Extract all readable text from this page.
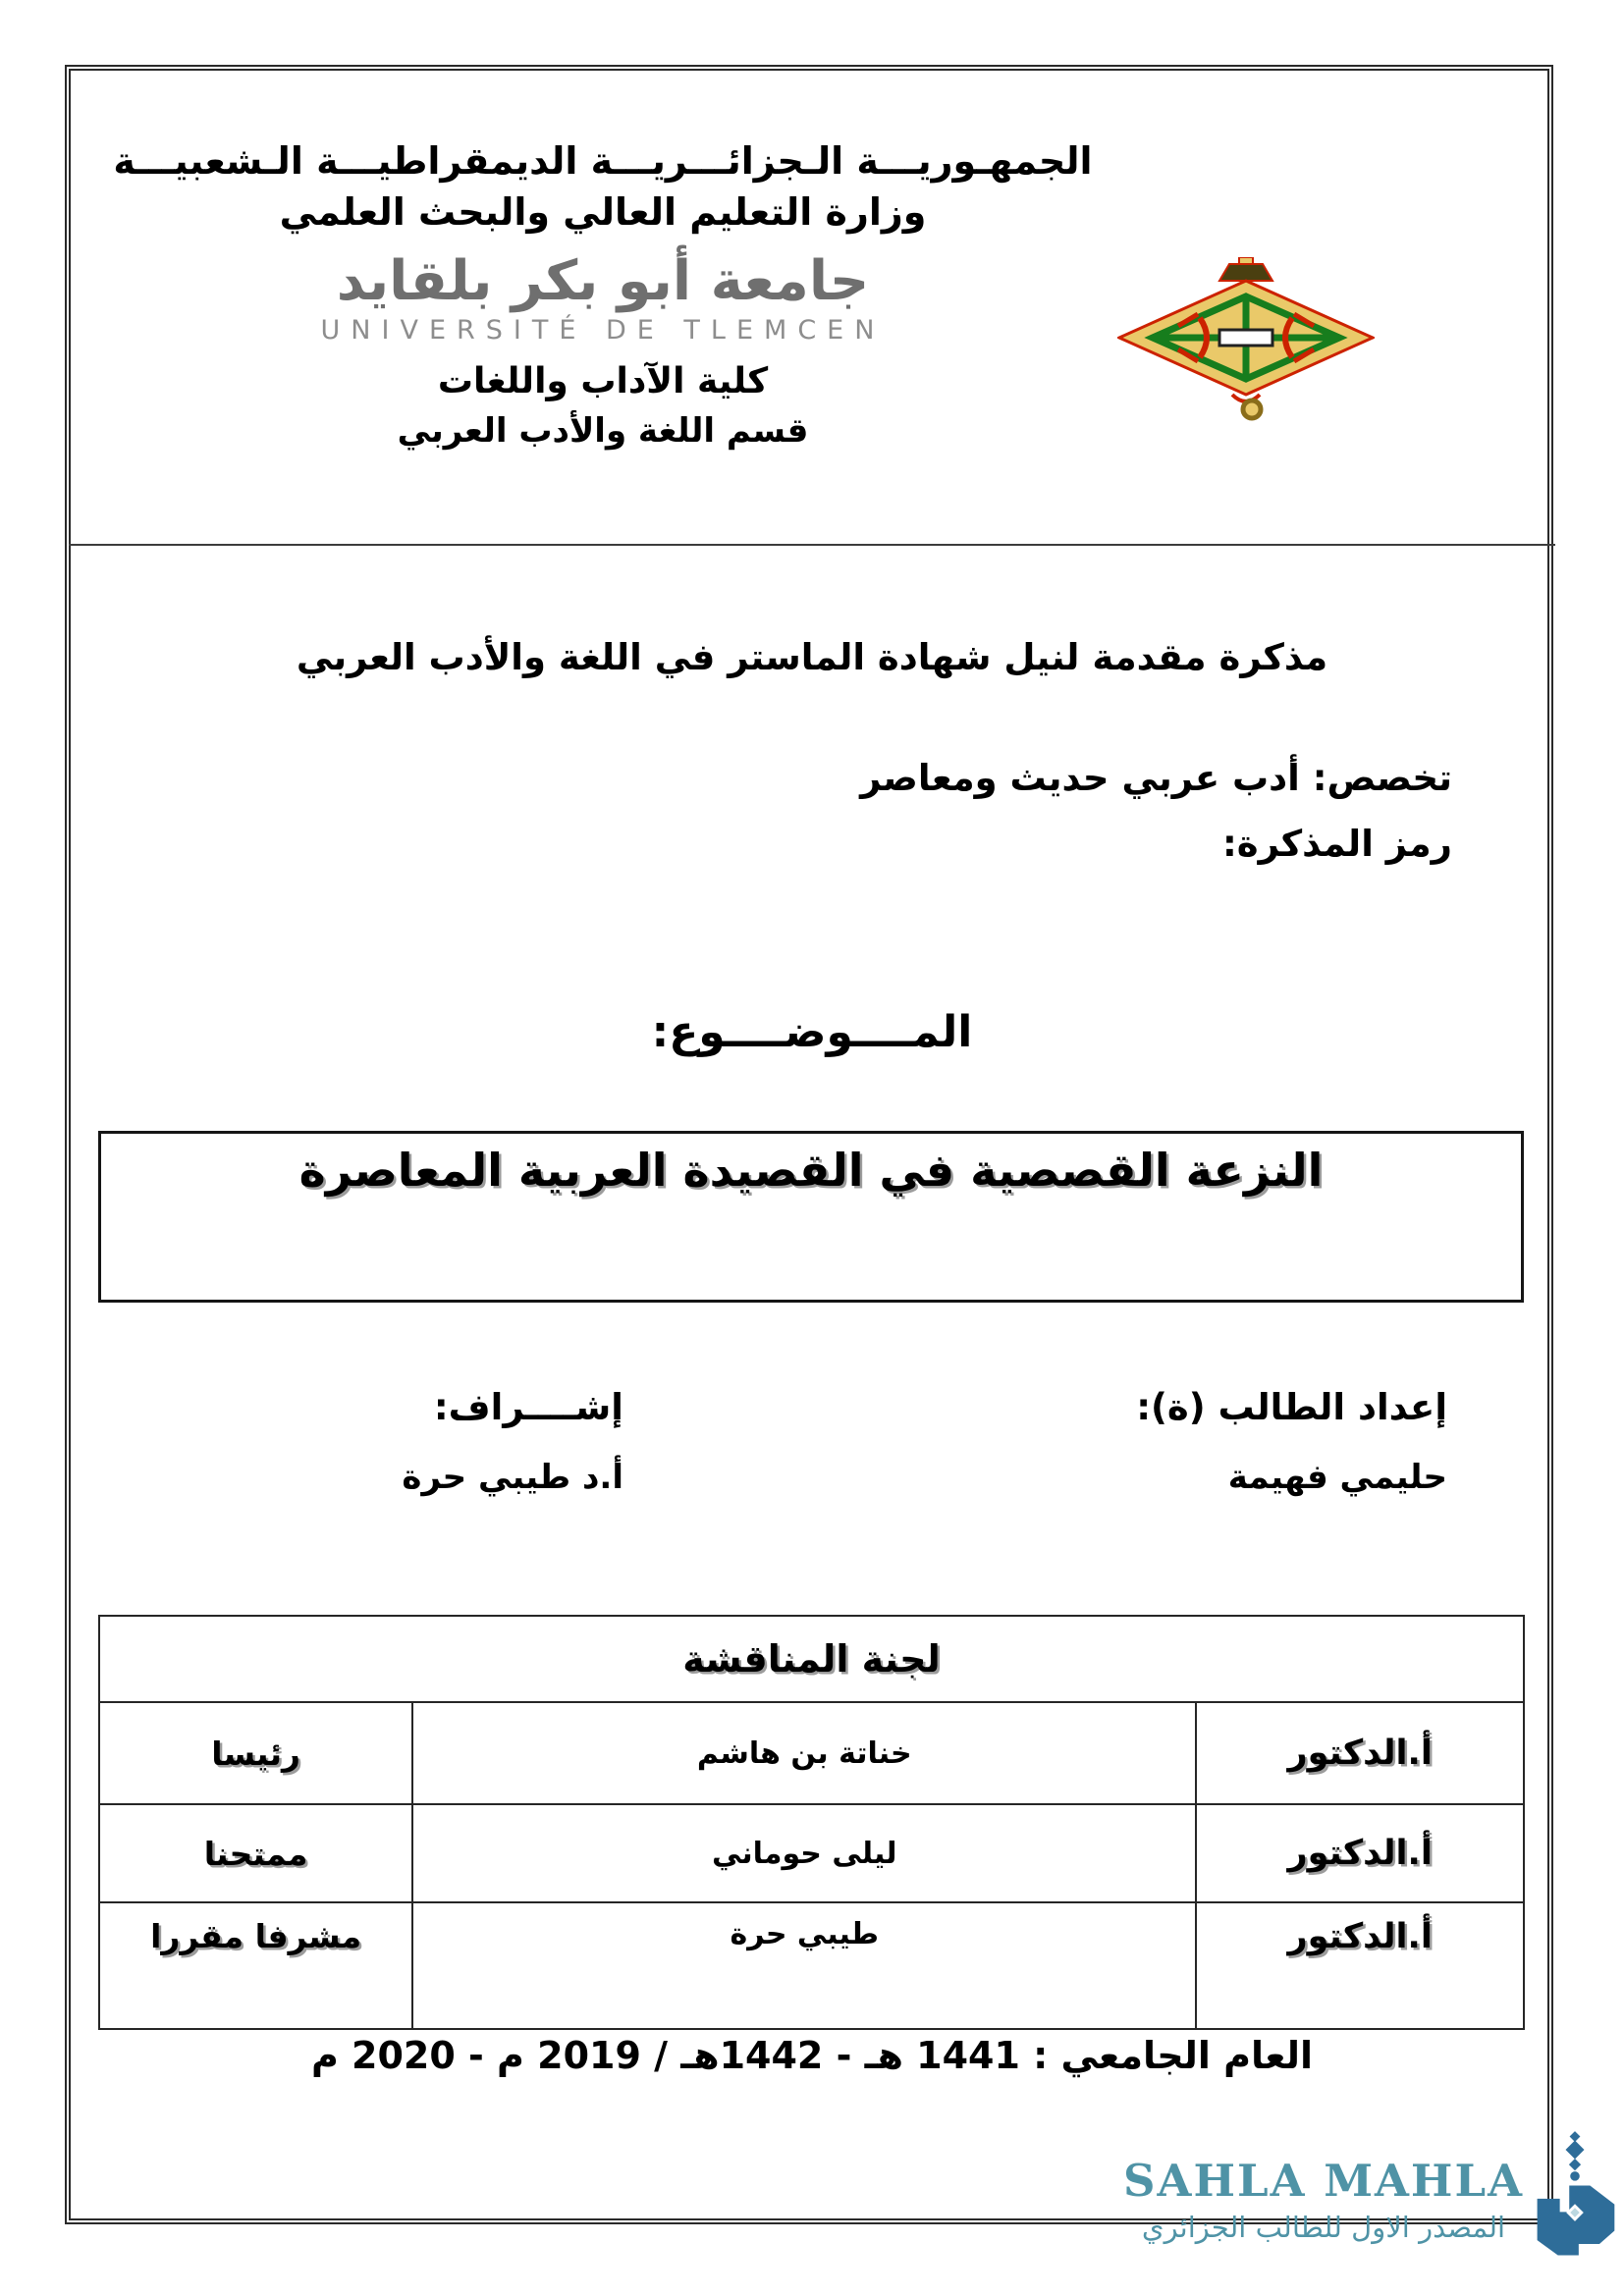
الجمهـوريـــة الـجزائـــريـــة الديمقراطيـــة الـشعبيـــة
وزارة التعليم العالي والبحث العلمي
جامعة أبو بكر بلقايد
UNIVERSITÉ DE TLEMCEN
كلية الآداب واللغات
قسم اللغة والأدب العربي
مذكرة مقدمة لنيل شهادة الماستر في اللغة والأدب العربي
تخصص: أدب عربي حديث ومعاصر
رمز المذكرة:
المــــوضــــوع:
النزعة القصصية في القصيدة العربية المعاصرة
إعداد الطالب (ة):
حليمي فهيمة
إشــــراف:
أ.د طيبي حرة
لجنة المناقشة		
أ.الدكتور	خناتة بن هاشم	رئيسا
أ.الدكتور	ليلى حوماني	ممتحنا
أ.الدكتور	طيبي حرة	مشرفا مقررا
العام الجامعي : 1441 هـ - 1442هـ / 2019 م - 2020 م
SAHLA MAHLA
المصدر الاول للطالب الجزائري
